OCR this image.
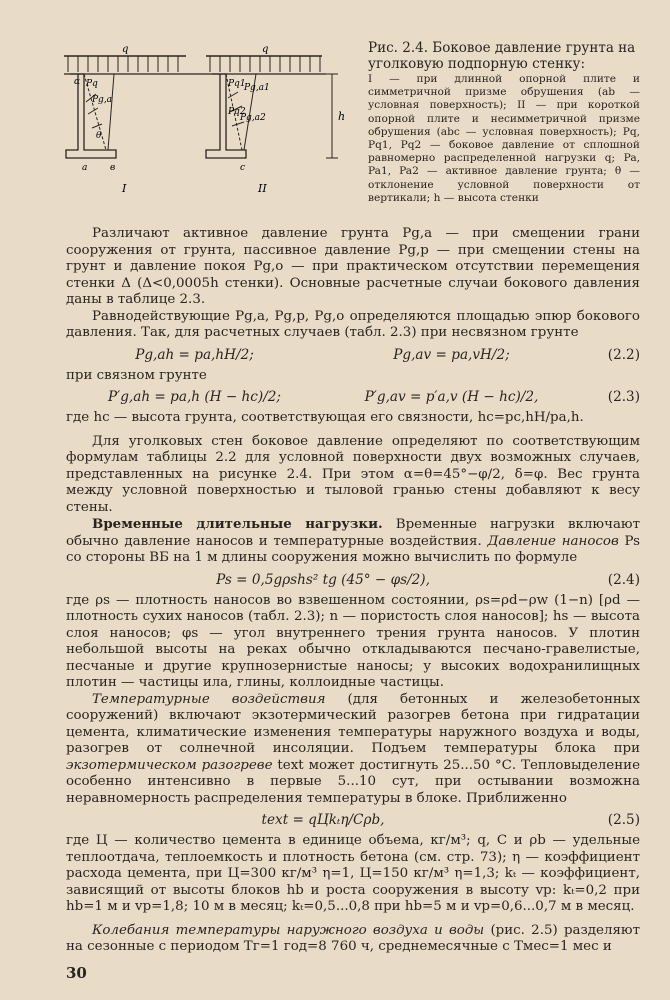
q	q
h
Pq
Pg,a
Pq1
Pg,a1
Pq2
Pg,a2
θ
α
a	в	c
I	II

Рис. 2.4. Боковое давление грунта на уголковую подпорную стенку:

I — при длинной опорной плите и симметричной призме обрушения (ab — условная поверхность); II — при короткой опорной плите и несимметричной призме обрушения (abc — условная поверхность); Pq, Pq1, Pq2 — боковое давление от сплошной равномерно распределенной нагрузки q; Pa, Pa1, Pa2 — активное давление грунта; θ — отклонение условной поверхности от вертикали; h — высота стенки

Различают активное давление грунта Pg,a — при смещении грани сооружения от грунта, пассивное давление Pg,p — при смещении стены на грунт и давление покоя Pg,o — при практическом отсутствии перемещения стенки Δ (Δ<0,0005h стенки). Основные расчетные случаи бокового давления даны в таблице 2.3.

Равнодействующие Pg,a, Pg,p, Pg,o определяются площадью эпюр бокового давления. Так, для расчетных случаев (табл. 2.3) при несвязном грунте

Pg,ah = pa,hH/2;	Pg,av = pa,vH/2;	(2.2)

при связном грунте

P′g,ah = pa,h (H − hc)/2;	P′g,av = p′a,v (H − hc)/2,	(2.3)

где hc — высота грунта, соответствующая его связности, hc=pc,hH/pa,h.

Для уголковых стен боковое давление определяют по соответствующим формулам таблицы 2.2 для условной поверхности двух возможных случаев, представленных на рисунке 2.4. При этом α=θ=45°−φ/2, δ=φ. Вес грунта между условной поверхностью и тыловой гранью стены добавляют к весу стены.

Временные длительные нагрузки. Временные нагрузки включают обычно давление наносов и температурные воздействия. Давление наносов Ps со стороны ВБ на 1 м длины сооружения можно вычислить по формуле

Ps = 0,5gρshs² tg (45° − φs/2),	(2.4)

где ρs — плотность наносов во взвешенном состоянии, ρs=ρd−ρw (1−n) [ρd — плотность сухих наносов (табл. 2.3); n — пористость слоя наносов]; hs — высота слоя наносов; φs — угол внутреннего трения грунта наносов. У плотин небольшой высоты на реках обычно откладываются песчано-гравелистые, песчаные и другие крупнозернистые наносы; у высоких водохранилищных плотин — частицы ила, глины, коллоидные частицы.

Температурные воздействия (для бетонных и железобетонных сооружений) включают экзотермический разогрев бетона при гидратации цемента, климатические изменения температуры наружного воздуха и воды, разогрев от солнечной инсоляции. Подъем температуры блока при экзотермическом разогреве text может достигнуть 25...50 °С. Тепловыделение особенно интенсивно в первые 5...10 сут, при остывании возможна неравномерность распределения температуры в блоке. Приближенно

text = qЦkₜη/Cρb,	(2.5)

где Ц — количество цемента в единице объема, кг/м³; q, C и ρb — удельные теплоотдача, теплоемкость и плотность бетона (см. стр. 73); η — коэффициент расхода цемента, при Ц=300 кг/м³ η=1, Ц=150 кг/м³ η=1,3; kₜ — коэффициент, зависящий от высоты блоков hb и роста сооружения в высоту vp: kₜ=0,2 при hb=1 м и vp=1,8; 10 м в месяц; kₜ=0,5...0,8 при hb=5 м и vp=0,6...0,7 м в месяц.

Колебания температуры наружного воздуха и воды (рис. 2.5) разделяют на сезонные с периодом Tг=1 год=8 760 ч, среднемесячные с Tмес=1 мес и

30
